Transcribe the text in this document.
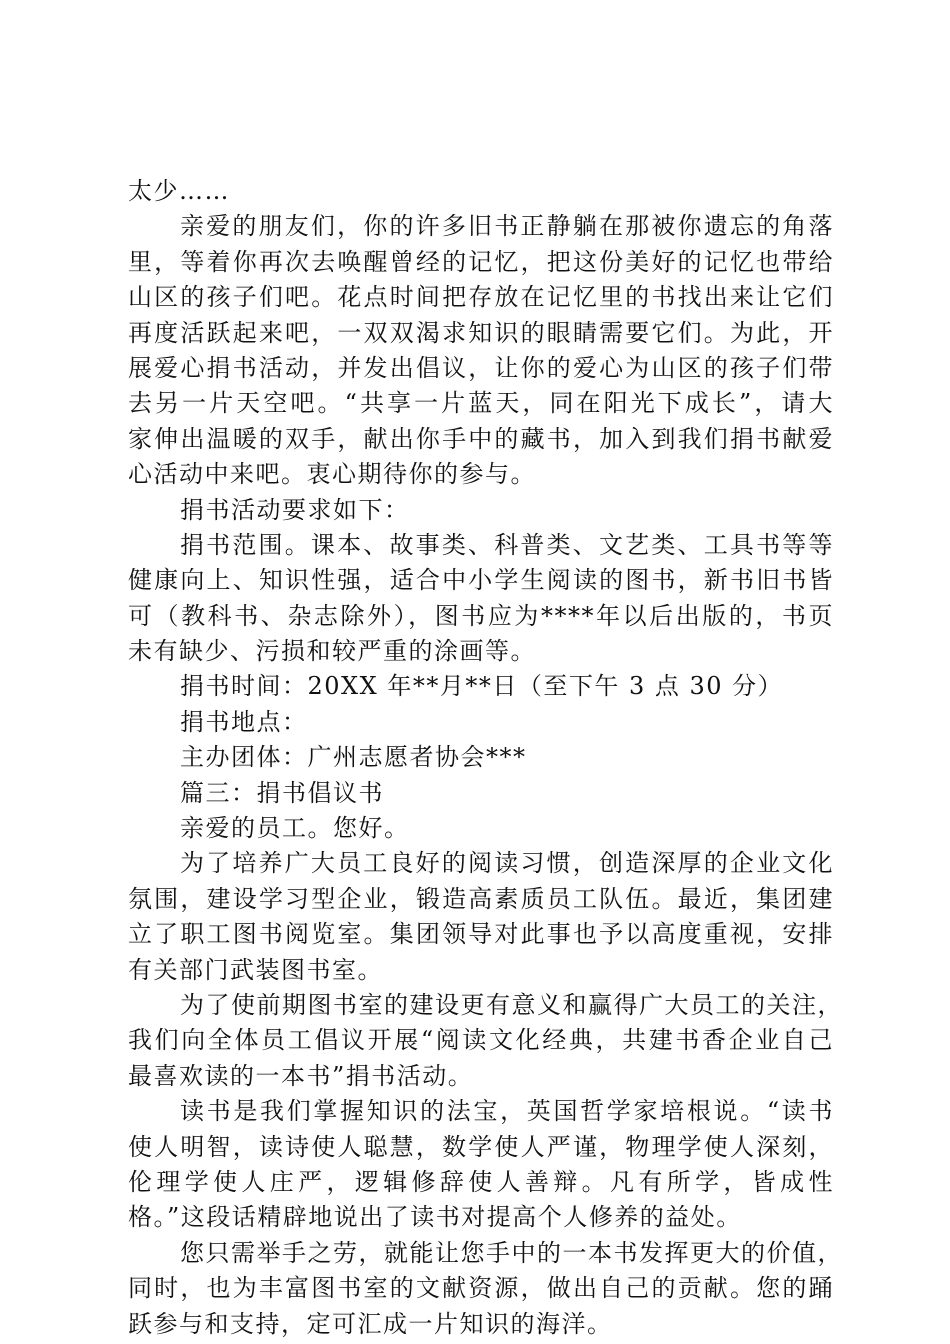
太少……
亲爱的朋友们，你的许多旧书正静躺在那被你遗忘的角落
里，等着你再次去唤醒曾经的记忆，把这份美好的记忆也带给
山区的孩子们吧。花点时间把存放在记忆里的书找出来让它们
再度活跃起来吧，一双双渴求知识的眼睛需要它们。为此，开
展爱心捐书活动，并发出倡议，让你的爱心为山区的孩子们带
去另一片天空吧。“共享一片蓝天，同在阳光下成长”，请大
家伸出温暖的双手，献出你手中的藏书，加入到我们捐书献爱
心活动中来吧。衷心期待你的参与。
捐书活动要求如下：
捐书范围。课本、故事类、科普类、文艺类、工具书等等
健康向上、知识性强，适合中小学生阅读的图书，新书旧书皆
可（教科书、杂志除外），图书应为****年以后出版的，书页
未有缺少、污损和较严重的涂画等。
捐书时间：20XX 年**月**日（至下午 3 点 30 分）
捐书地点：
主办团体：广州志愿者协会***
篇三：捐书倡议书
亲爱的员工。您好。
为了培养广大员工良好的阅读习惯，创造深厚的企业文化
氛围，建设学习型企业，锻造高素质员工队伍。最近，集团建
立了职工图书阅览室。集团领导对此事也予以高度重视，安排
有关部门武装图书室。
为了使前期图书室的建设更有意义和赢得广大员工的关注，
我们向全体员工倡议开展“阅读文化经典，共建书香企业自己
最喜欢读的一本书”捐书活动。
读书是我们掌握知识的法宝，英国哲学家培根说。“读书
使人明智，读诗使人聪慧，数学使人严谨，物理学使人深刻，
伦理学使人庄严，逻辑修辞使人善辩。凡有所学，皆成性
格。”这段话精辟地说出了读书对提高个人修养的益处。
您只需举手之劳，就能让您手中的一本书发挥更大的价值，
同时，也为丰富图书室的文献资源，做出自己的贡献。您的踊
跃参与和支持，定可汇成一片知识的海洋。
